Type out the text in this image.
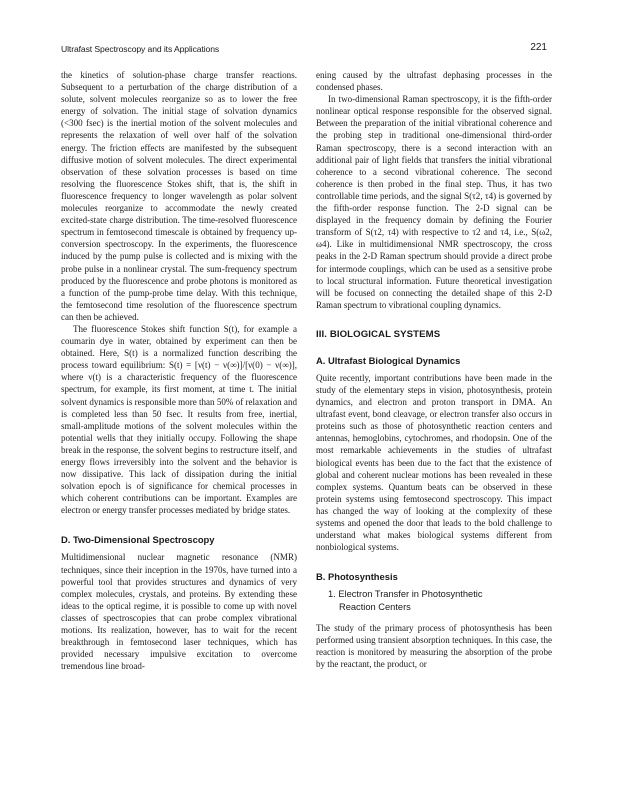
Ultrafast Spectroscopy and its Applications	221

the kinetics of solution-phase charge transfer reactions. Subsequent to a perturbation of the charge distribution of a solute, solvent molecules reorganize so as to lower the free energy of solvation. The initial stage of solvation dynamics (<300 fsec) is the inertial motion of the solvent molecules and represents the relaxation of well over half of the solvation energy. The friction effects are manifested by the subsequent diffusive motion of solvent molecules. The direct experimental observation of these solvation processes is based on time resolving the fluorescence Stokes shift, that is, the shift in fluorescence frequency to longer wavelength as polar solvent molecules reorganize to accommodate the newly created excited-state charge distribution. The time-resolved fluorescence spectrum in femtosecond timescale is obtained by frequency up-conversion spectroscopy. In the experiments, the fluorescence induced by the pump pulse is collected and is mixing with the probe pulse in a nonlinear crystal. The sum-frequency spectrum produced by the fluorescence and probe photons is monitored as a function of the pump-probe time delay. With this technique, the femtosecond time resolution of the fluorescence spectrum can then be achieved.

The fluorescence Stokes shift function S(t), for example a coumarin dye in water, obtained by experiment can then be obtained. Here, S(t) is a normalized function describing the process toward equilibrium: S(t) = [ν(t) − ν(∞)]/[ν(0) − ν(∞)], where ν(t) is a characteristic frequency of the fluorescence spectrum, for example, its first moment, at time t. The initial solvent dynamics is responsible more than 50% of relaxation and is completed less than 50 fsec. It results from free, inertial, small-amplitude motions of the solvent molecules within the potential wells that they initially occupy. Following the shape break in the response, the solvent begins to restructure itself, and energy flows irreversibly into the solvent and the behavior is now dissipative. This lack of dissipation during the initial solvation epoch is of significance for chemical processes in which coherent contributions can be important. Examples are electron or energy transfer processes mediated by bridge states.

D. Two-Dimensional Spectroscopy

Multidimensional nuclear magnetic resonance (NMR) techniques, since their inception in the 1970s, have turned into a powerful tool that provides structures and dynamics of very complex molecules, crystals, and proteins. By extending these ideas to the optical regime, it is possible to come up with novel classes of spectroscopies that can probe complex vibrational motions. Its realization, however, has to wait for the recent breakthrough in femtosecond laser techniques, which has provided necessary impulsive excitation to overcome tremendous line broad-

ening caused by the ultrafast dephasing processes in the condensed phases.

In two-dimensional Raman spectroscopy, it is the fifth-order nonlinear optical response responsible for the observed signal. Between the preparation of the initial vibrational coherence and the probing step in traditional one-dimensional third-order Raman spectroscopy, there is a second interaction with an additional pair of light fields that transfers the initial vibrational coherence to a second vibrational coherence. The second coherence is then probed in the final step. Thus, it has two controllable time periods, and the signal S(τ2, τ4) is governed by the fifth-order response function. The 2-D signal can be displayed in the frequency domain by defining the Fourier transform of S(τ2, τ4) with respective to τ2 and τ4, i.e., S(ω2, ω4). Like in multidimensional NMR spectroscopy, the cross peaks in the 2-D Raman spectrum should provide a direct probe for intermode couplings, which can be used as a sensitive probe to local structural information. Future theoretical investigation will be focused on connecting the detailed shape of this 2-D Raman spectrum to vibrational coupling dynamics.

III. BIOLOGICAL SYSTEMS
A. Ultrafast Biological Dynamics

Quite recently, important contributions have been made in the study of the elementary steps in vision, photosynthesis, protein dynamics, and electron and proton transport in DMA. An ultrafast event, bond cleavage, or electron transfer also occurs in proteins such as those of photosynthetic reaction centers and antennas, hemoglobins, cytochromes, and rhodopsin. One of the most remarkable achievements in the studies of ultrafast biological events has been due to the fact that the existence of global and coherent nuclear motions has been revealed in these complex systems. Quantum beats can be observed in these protein systems using femtosecond spectroscopy. This impact has changed the way of looking at the complexity of these systems and opened the door that leads to the bold challenge to understand what makes biological systems different from nonbiological systems.

B. Photosynthesis
1. Electron Transfer in Photosynthetic
Reaction Centers

The study of the primary process of photosynthesis has been performed using transient absorption techniques. In this case, the reaction is monitored by measuring the absorption of the probe by the reactant, the product, or
